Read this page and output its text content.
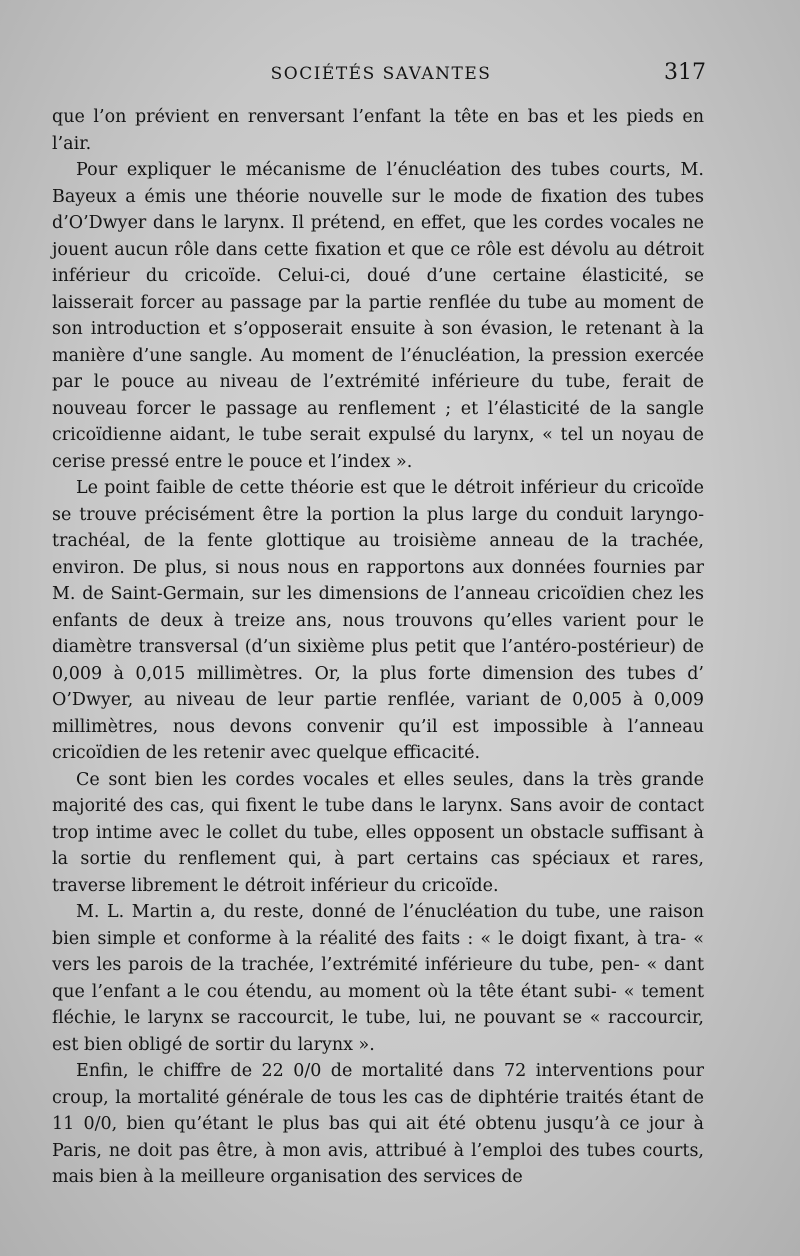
SOCIÉTÉS SAVANTES	317

que l’on prévient en renversant l’enfant la tête en bas et les pieds en l’air.

Pour expliquer le mécanisme de l’énucléation des tubes courts, M. Bayeux a émis une théorie nouvelle sur le mode de fixation des tubes d’O’Dwyer dans le larynx. Il prétend, en effet, que les cordes vocales ne jouent aucun rôle dans cette fixation et que ce rôle est dévolu au détroit inférieur du cricoïde. Celui-ci, doué d’une certaine élasticité, se laisserait forcer au passage par la partie renflée du tube au moment de son introduction et s’opposerait ensuite à son évasion, le retenant à la manière d’une sangle. Au moment de l’énucléation, la pression exercée par le pouce au niveau de l’extrémité inférieure du tube, ferait de nouveau forcer le passage au renflement ; et l’élasticité de la sangle cricoïdienne aidant, le tube serait expulsé du larynx, « tel un noyau de cerise pressé entre le pouce et l’index ».

Le point faible de cette théorie est que le détroit inférieur du cricoïde se trouve précisément être la portion la plus large du conduit laryngo-trachéal, de la fente glottique au troisième anneau de la trachée, environ. De plus, si nous nous en rapportons aux données fournies par M. de Saint-Germain, sur les dimensions de l’anneau cricoïdien chez les enfants de deux à treize ans, nous trouvons qu’elles varient pour le diamètre transversal (d’un sixième plus petit que l’antéro-postérieur) de 0,009 à 0,015 millimètres. Or, la plus forte dimension des tubes d’ O’Dwyer, au niveau de leur partie renflée, variant de 0,005 à 0,009 millimètres, nous devons convenir qu’il est impossible à l’anneau cricoïdien de les retenir avec quelque efficacité.

Ce sont bien les cordes vocales et elles seules, dans la très grande majorité des cas, qui fixent le tube dans le larynx. Sans avoir de contact trop intime avec le collet du tube, elles opposent un obstacle suffisant à la sortie du renflement qui, à part certains cas spéciaux et rares, traverse librement le détroit inférieur du cricoïde.

M. L. Martin a, du reste, donné de l’énucléation du tube, une raison bien simple et conforme à la réalité des faits : « le doigt fixant, à tra- « vers les parois de la trachée, l’extrémité inférieure du tube, pen- « dant que l’enfant a le cou étendu, au moment où la tête étant subi- « tement fléchie, le larynx se raccourcit, le tube, lui, ne pouvant se « raccourcir, est bien obligé de sortir du larynx ».

Enfin, le chiffre de 22 0/0 de mortalité dans 72 interventions pour croup, la mortalité générale de tous les cas de diphtérie traités étant de 11 0/0, bien qu’étant le plus bas qui ait été obtenu jusqu’à ce jour à Paris, ne doit pas être, à mon avis, attribué à l’emploi des tubes courts, mais bien à la meilleure organisation des services de
